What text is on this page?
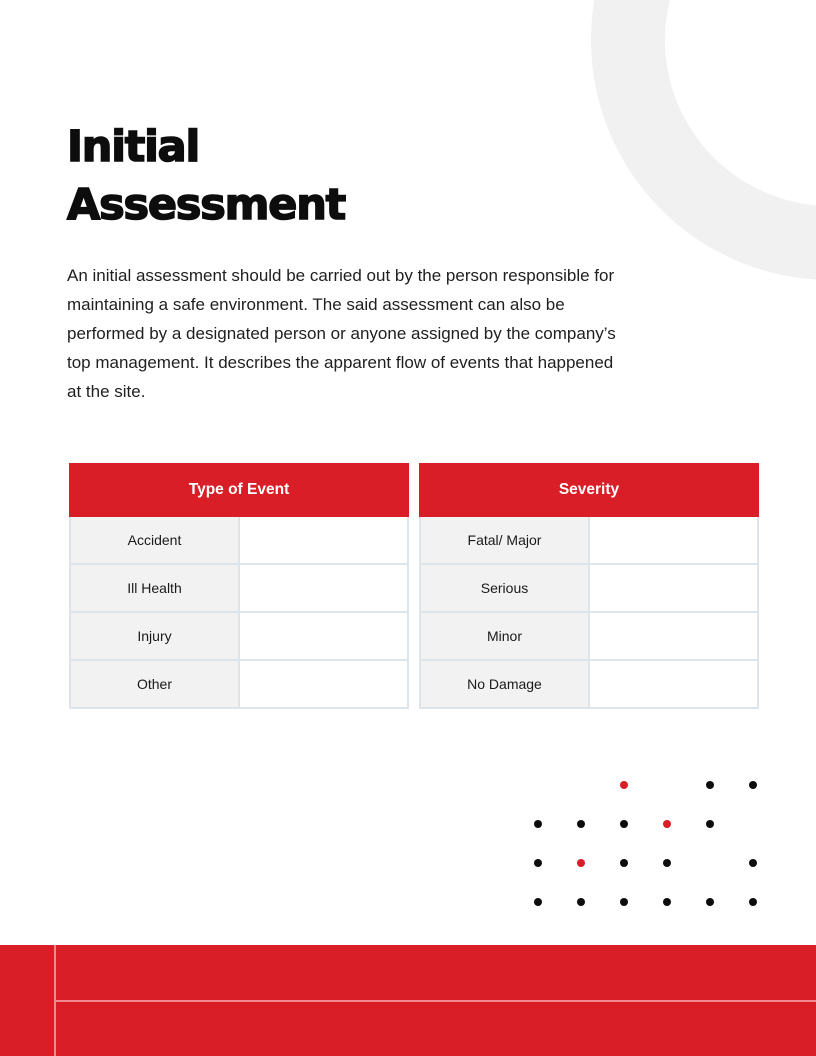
Initial
Assessment

An initial assessment should be carried out by the person responsible for maintaining a safe environment. The said assessment can also be performed by a designated person or anyone assigned by the company’s top management. It describes the apparent flow of events that happened at the site.

Type of Event	
Accident	
Ill Health	
Injury	
Other	
Severity	
Fatal/ Major	
Serious	
Minor	
No Damage	
